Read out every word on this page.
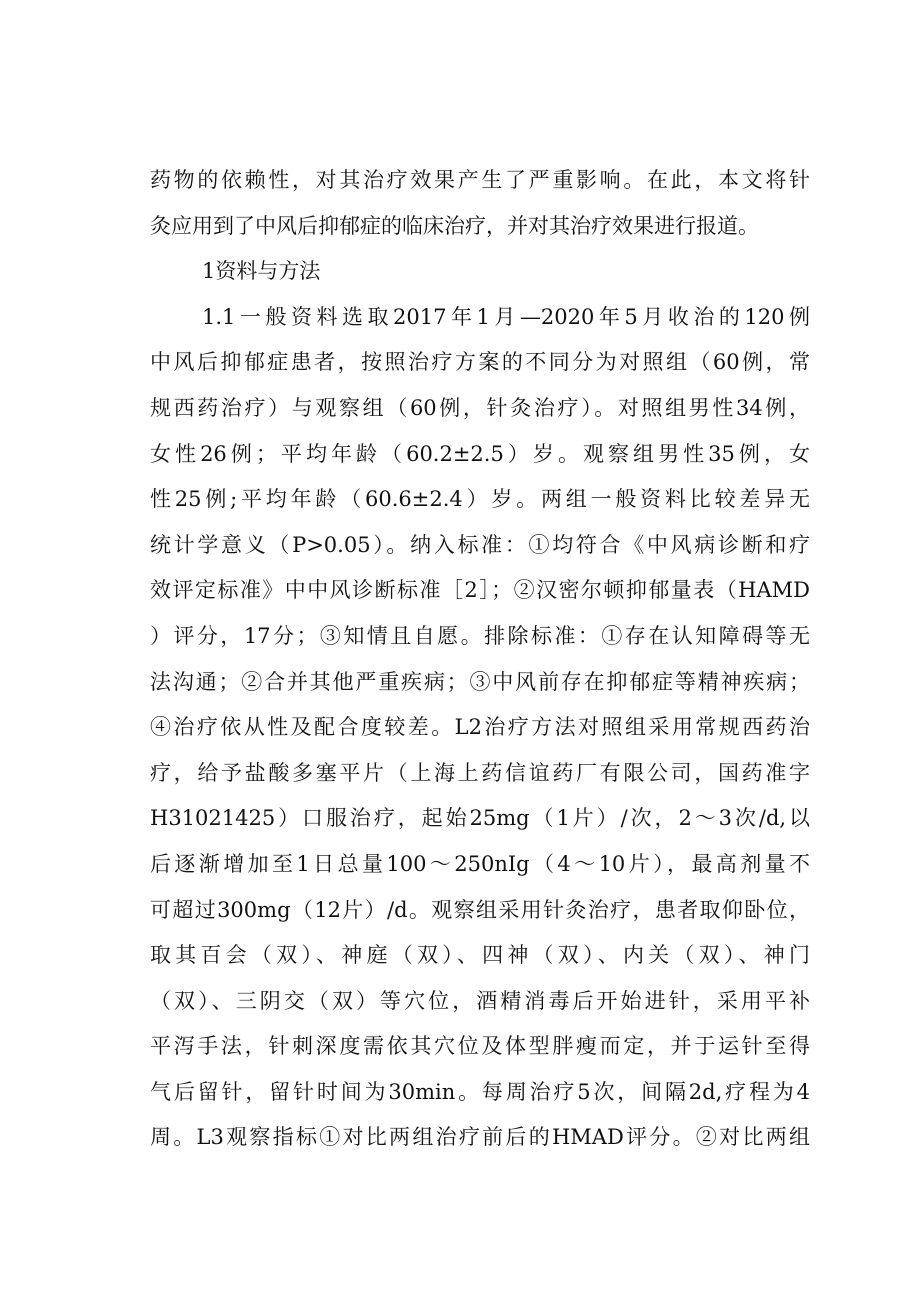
药物的依赖性，对其治疗效果产生了严重影响。在此，本文将针
灸应用到了中风后抑郁症的临床治疗，并对其治疗效果进行报道。
1资料与方法
1.1一般资料选取2017年1月—2020年5月收治的120例
中风后抑郁症患者，按照治疗方案的不同分为对照组（60例，常
规西药治疗）与观察组（60例，针灸治疗）。对照组男性34例，
女性26例；平均年龄（60.2±2.5）岁。观察组男性35例，女
性25例;平均年龄（60.6±2.4）岁。两组一般资料比较差异无
统计学意义（P>0.05）。纳入标准：①均符合《中风病诊断和疗
效评定标准》中中风诊断标准［2］；②汉密尔顿抑郁量表（HAMD
）评分，17分；③知情且自愿。排除标准：①存在认知障碍等无
法沟通；②合并其他严重疾病；③中风前存在抑郁症等精神疾病；
④治疗依从性及配合度较差。L2治疗方法对照组采用常规西药治
疗，给予盐酸多塞平片（上海上药信谊药厂有限公司，国药准字
H31021425）口服治疗，起始25mg（1片）/次，2～3次/d,以
后逐渐增加至1日总量100～250nIg（4～10片），最高剂量不
可超过300mg（12片）/d。观察组采用针灸治疗，患者取仰卧位，
取其百会（双）、神庭（双）、四神（双）、内关（双）、神门
（双）、三阴交（双）等穴位，酒精消毒后开始进针，采用平补
平泻手法，针刺深度需依其穴位及体型胖瘦而定，并于运针至得
气后留针，留针时间为30min。每周治疗5次，间隔2d,疗程为4
周。L3观察指标①对比两组治疗前后的HMAD评分。②对比两组
